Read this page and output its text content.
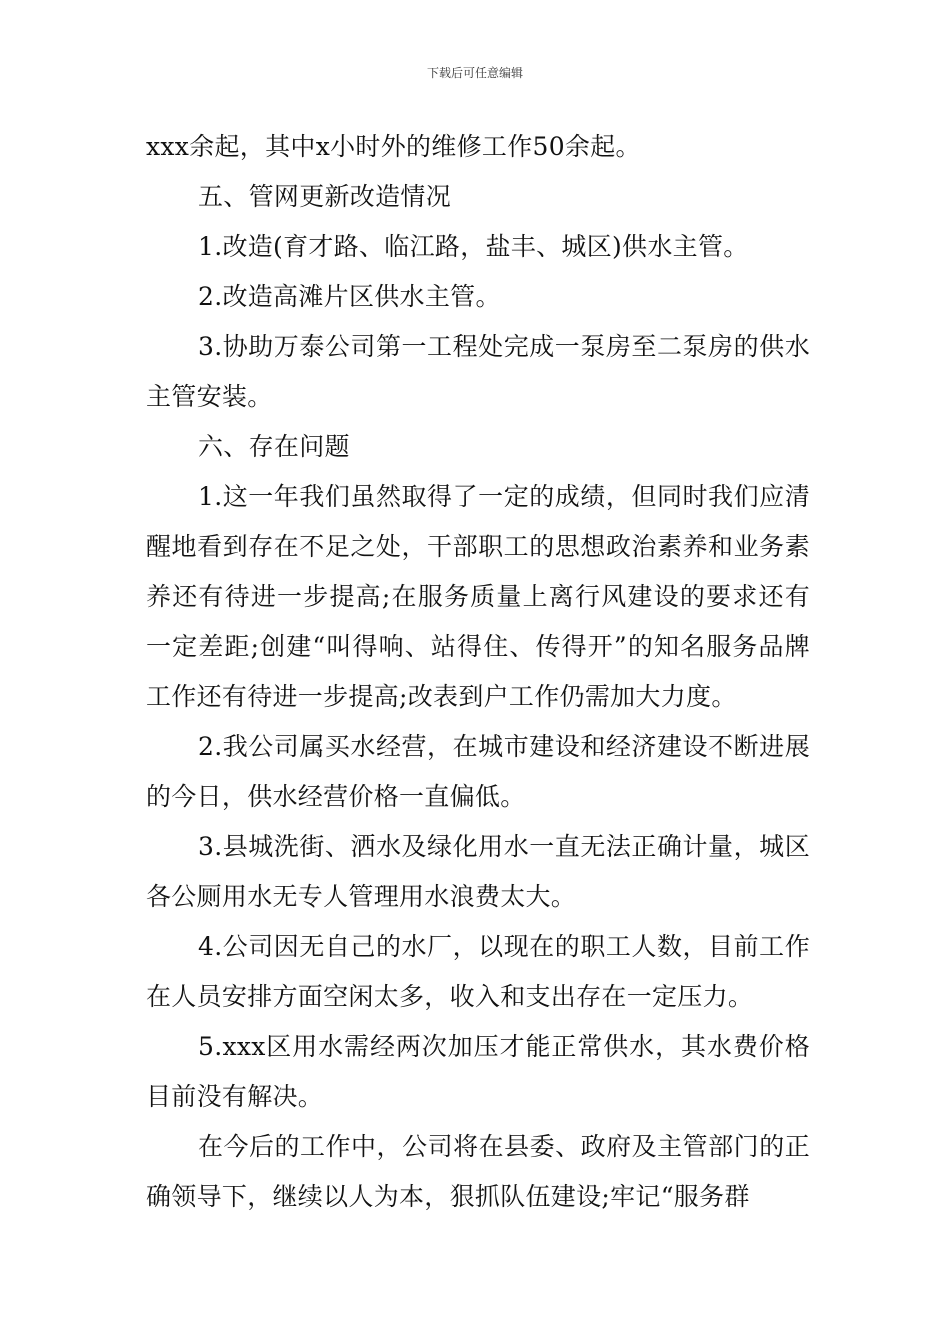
下载后可任意编辑

xxx余起，其中x小时外的维修工作50余起。

五、管网更新改造情况

1.改造(育才路、临江路，盐丰、城区)供水主管。

2.改造高滩片区供水主管。

3.协助万泰公司第一工程处完成一泵房至二泵房的供水主管安装。

六、存在问题

1.这一年我们虽然取得了一定的成绩，但同时我们应清醒地看到存在不足之处，干部职工的思想政治素养和业务素养还有待进一步提高;在服务质量上离行风建设的要求还有一定差距;创建“叫得响、站得住、传得开”的知名服务品牌工作还有待进一步提高;改表到户工作仍需加大力度。

2.我公司属买水经营，在城市建设和经济建设不断进展的今日，供水经营价格一直偏低。

3.县城洗街、洒水及绿化用水一直无法正确计量，城区各公厕用水无专人管理用水浪费太大。

4.公司因无自己的水厂，以现在的职工人数，目前工作在人员安排方面空闲太多，收入和支出存在一定压力。

5.xxx区用水需经两次加压才能正常供水，其水费价格目前没有解决。

在今后的工作中，公司将在县委、政府及主管部门的正确领导下，继续以人为本，狠抓队伍建设;牢记“服务群
